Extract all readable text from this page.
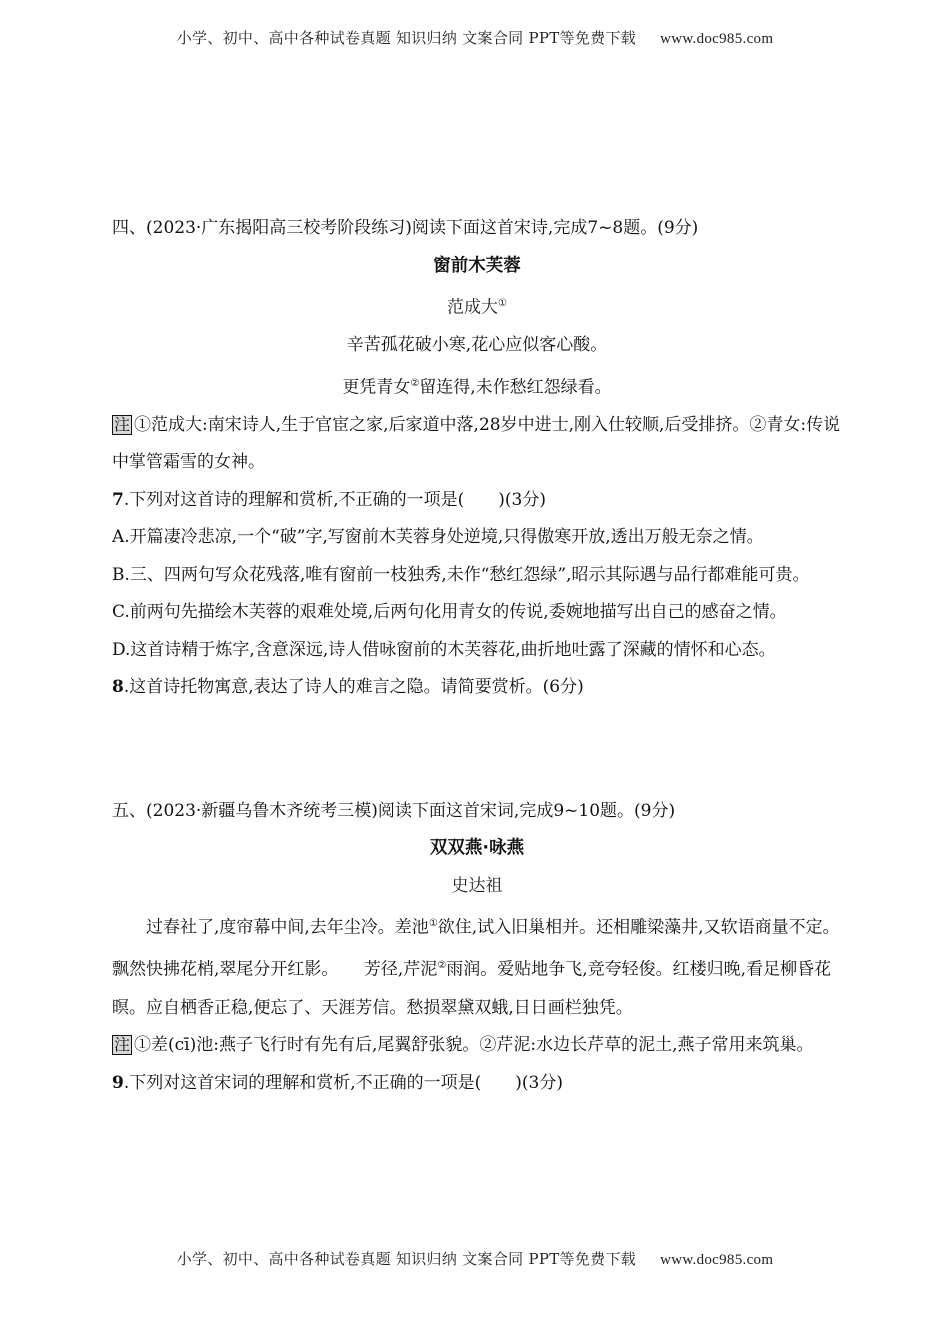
小学、初中、高中各种试卷真题 知识归纳 文案合同 PPT等免费下载 www.doc985.com

四、(2023·广东揭阳高三校考阶段练习)阅读下面这首宋诗,完成7~8题。(9分)

窗前木芙蓉

范成大①

辛苦孤花破小寒,花心应似客心酸。

更凭青女②留连得,未作愁红怨绿看。

注 ①范成大:南宋诗人,生于官宦之家,后家道中落,28岁中进士,刚入仕较顺,后受排挤。②青女:传说中掌管霜雪的女神。

7.下列对这首诗的理解和赏析,不正确的一项是(　　)(3分)

A.开篇凄冷悲凉,一个“破”字,写窗前木芙蓉身处逆境,只得傲寒开放,透出万般无奈之情。

B.三、四两句写众花残落,唯有窗前一枝独秀,未作“愁红怨绿”,昭示其际遇与品行都难能可贵。

C.前两句先描绘木芙蓉的艰难处境,后两句化用青女的传说,委婉地描写出自己的感奋之情。

D.这首诗精于炼字,含意深远,诗人借咏窗前的木芙蓉花,曲折地吐露了深藏的情怀和心态。

8.这首诗托物寓意,表达了诗人的难言之隐。请简要赏析。(6分)

五、(2023·新疆乌鲁木齐统考三模)阅读下面这首宋词,完成9~10题。(9分)

双双燕·咏燕

史达祖

过春社了,度帘幕中间,去年尘冷。差池①欲住,试入旧巢相并。还相雕梁藻井,又软语商量不定。飘然快拂花梢,翠尾分开红影。　　芳径,芹泥②雨润。爱贴地争飞,竞夸轻俊。红楼归晚,看足柳昏花暝。应自栖香正稳,便忘了、天涯芳信。愁损翠黛双蛾,日日画栏独凭。

注 ①差(cī)池:燕子飞行时有先有后,尾翼舒张貌。②芹泥:水边长芹草的泥土,燕子常用来筑巢。

9.下列对这首宋词的理解和赏析,不正确的一项是(　　)(3分)

小学、初中、高中各种试卷真题 知识归纳 文案合同 PPT等免费下载 www.doc985.com
